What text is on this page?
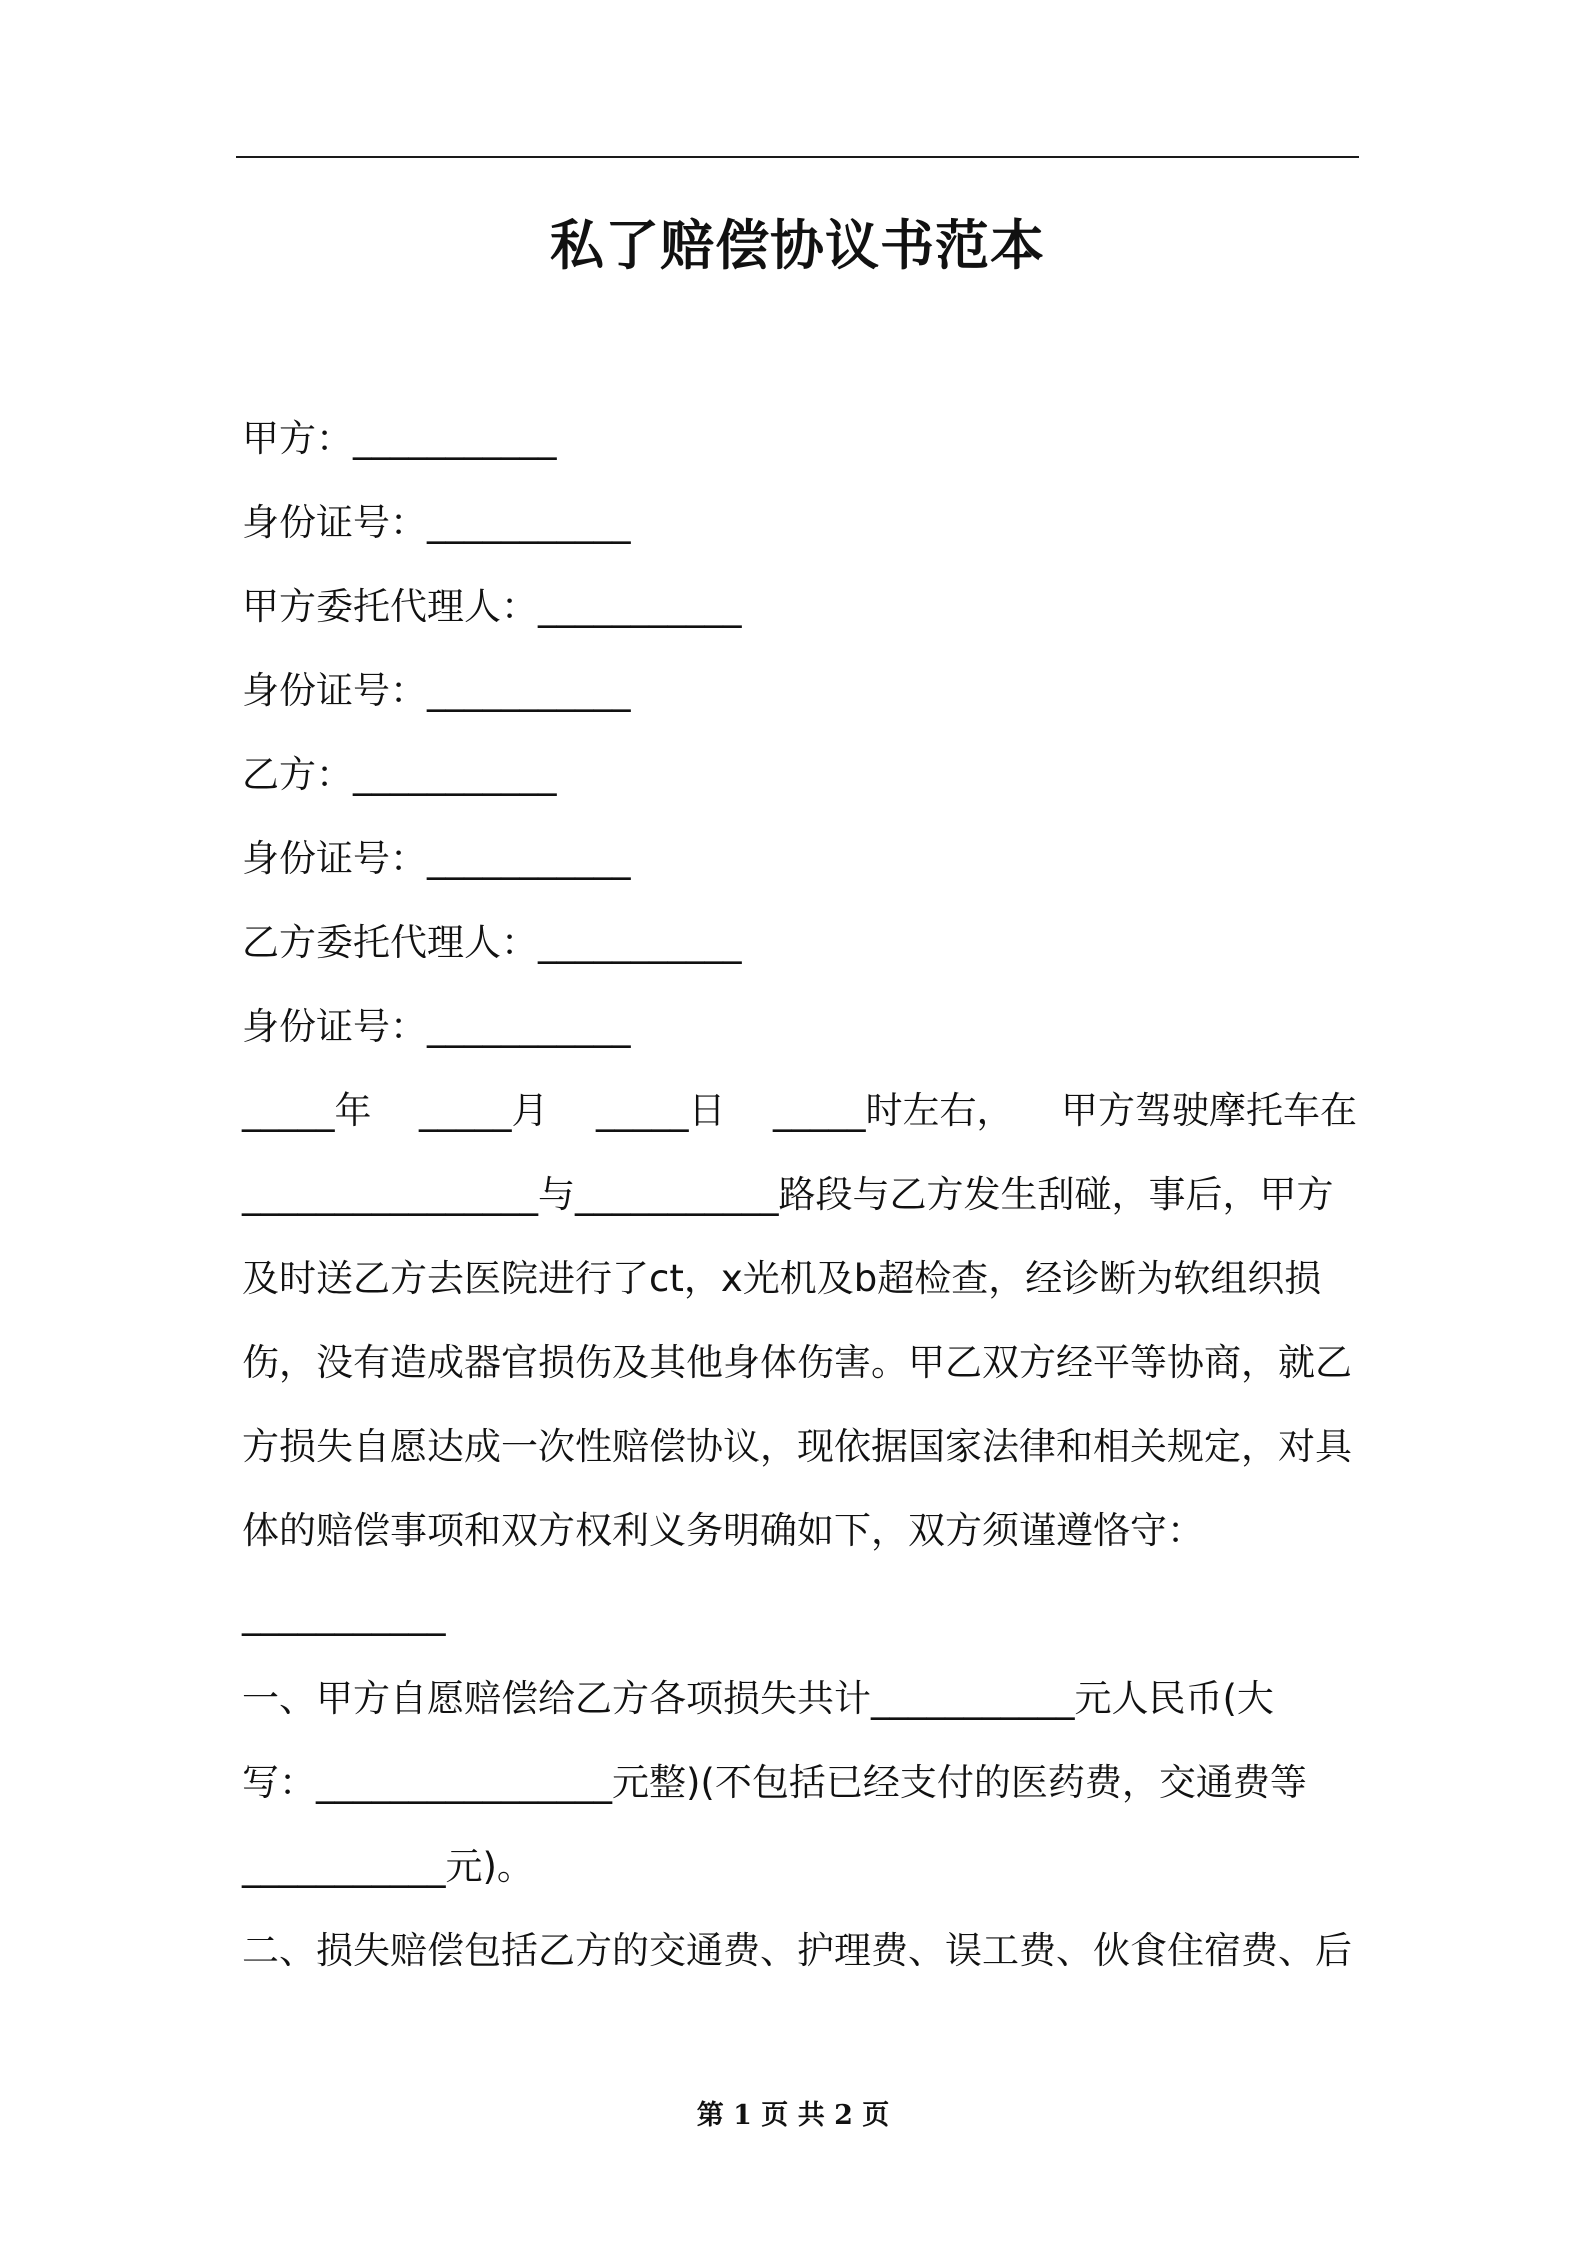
私了赔偿协议书范本
甲方：___________
身份证号：___________
甲方委托代理人：___________
身份证号：___________
乙方：___________
身份证号：___________
乙方委托代理人：___________
身份证号：___________
_____年 _____月 _____日 _____时左右， 甲方驾驶摩托车在
________________与___________路段与乙方发生刮碰，事后，甲方
及时送乙方去医院进行了ct，x光机及b超检查，经诊断为软组织损
伤，没有造成器官损伤及其他身体伤害。甲乙双方经平等协商，就乙
方损失自愿达成一次性赔偿协议，现依据国家法律和相关规定，对具
体的赔偿事项和双方权利义务明确如下，双方须谨遵恪守：
___________
一、甲方自愿赔偿给乙方各项损失共计___________元人民币(大
写：________________元整)(不包括已经支付的医药费，交通费等
___________元)。
二、损失赔偿包括乙方的交通费、护理费、误工费、伙食住宿费、后
第 1 页 共 2 页
